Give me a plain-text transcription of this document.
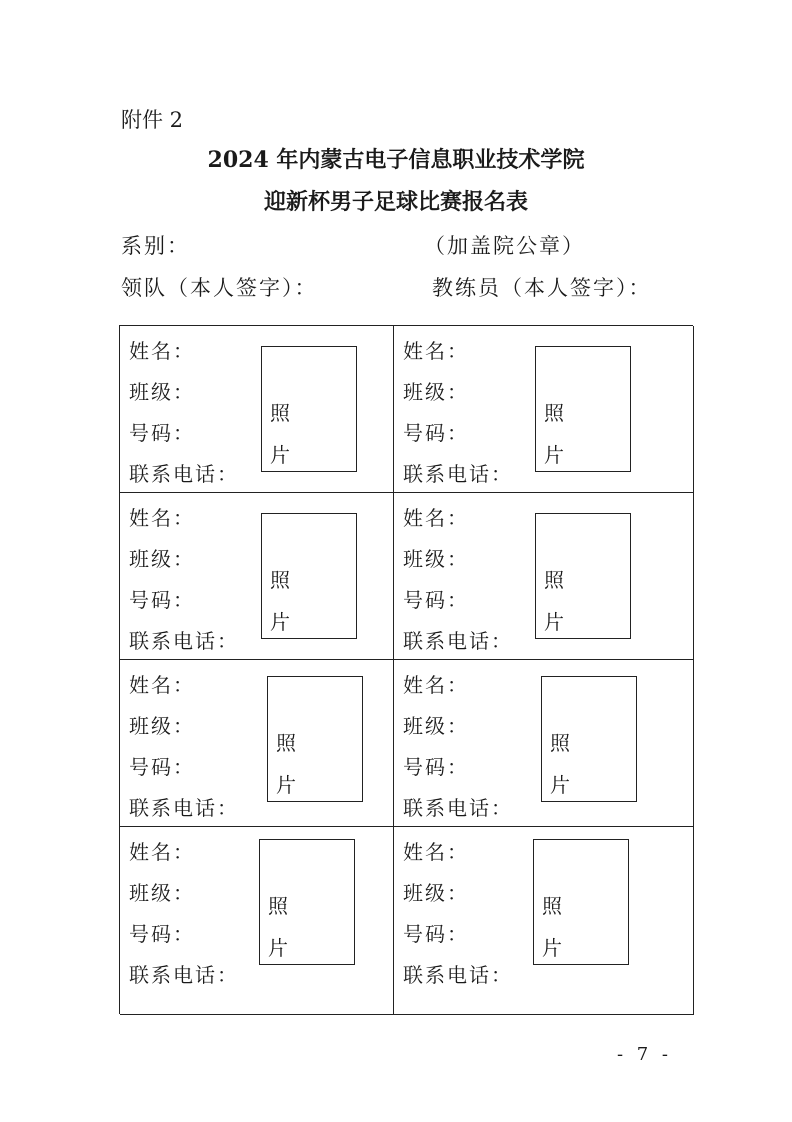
附件 2
2024 年内蒙古电子信息职业技术学院
迎新杯男子足球比赛报名表
系别：	（加盖院公章）
领队（本人签字）：	教练员（本人签字）：
姓名：
班级：
号码：
联系电话：
照
片
姓名：
班级：
号码：
联系电话：
照
片
姓名：
班级：
号码：
联系电话：
照
片
姓名：
班级：
号码：
联系电话：
照
片
姓名：
班级：
号码：
联系电话：
照
片
姓名：
班级：
号码：
联系电话：
照
片
姓名：
班级：
号码：
联系电话：
照
片
姓名：
班级：
号码：
联系电话：
照
片
- 7 -
